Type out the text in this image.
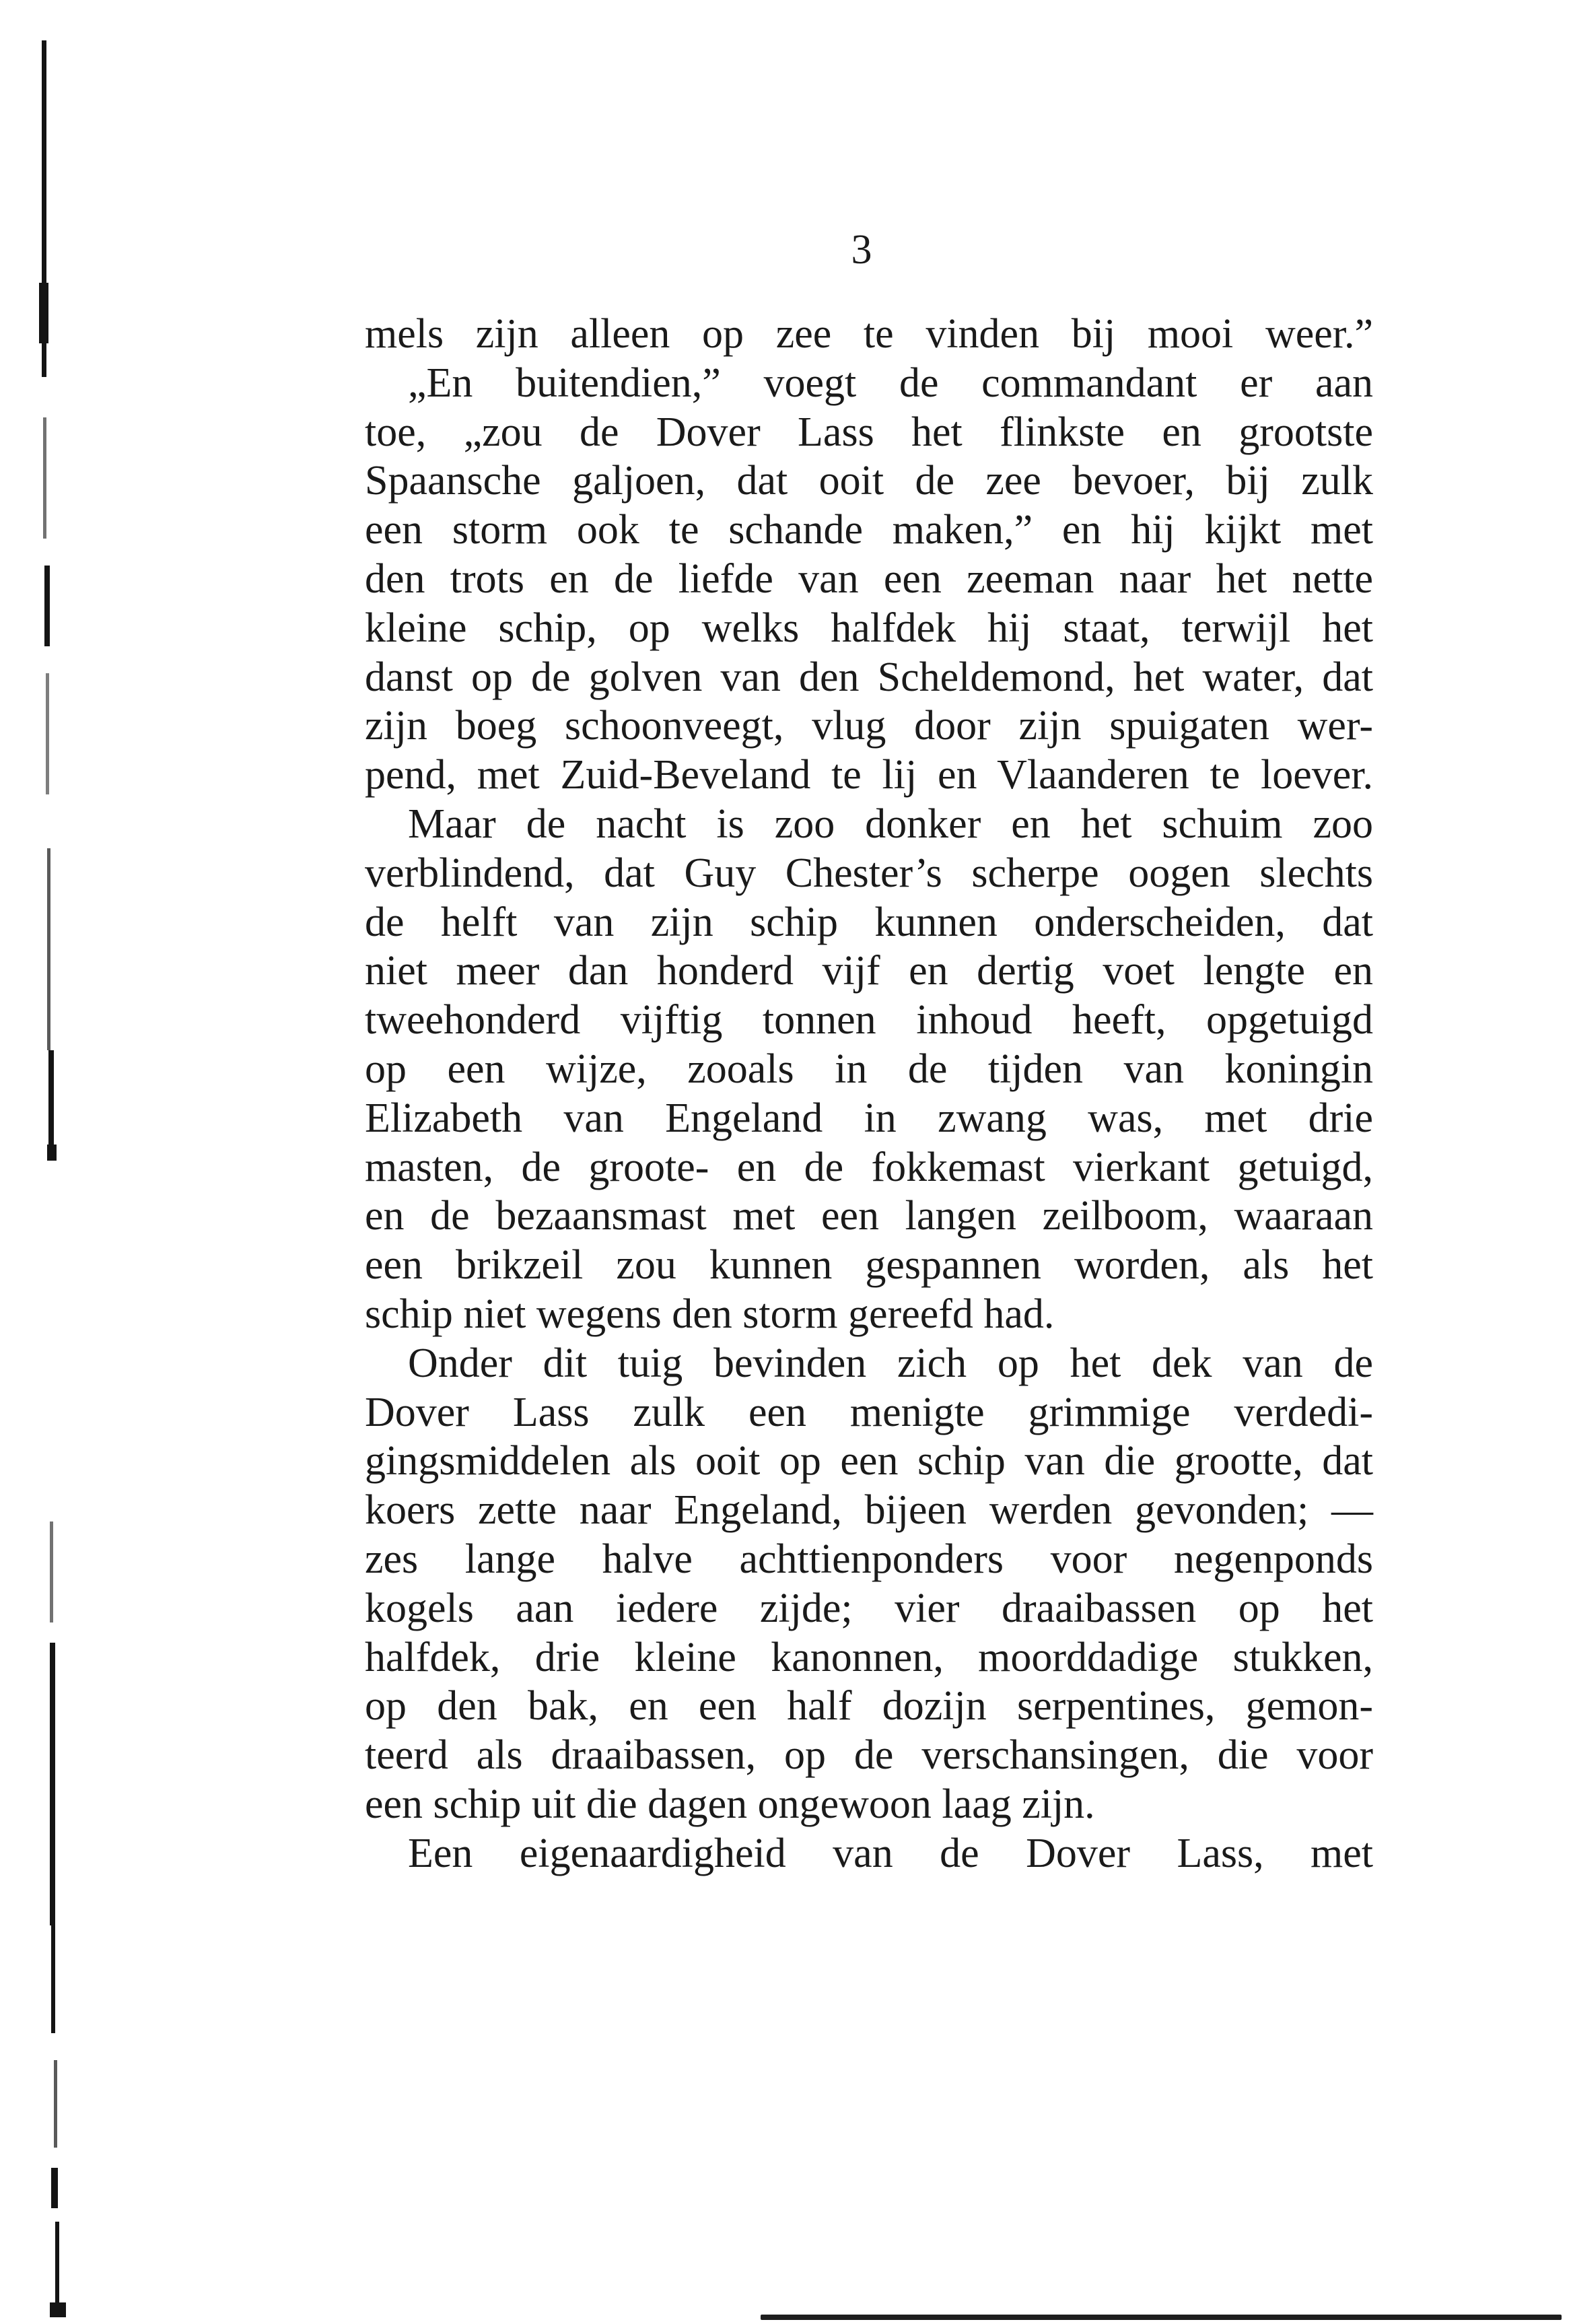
3
mels zijn alleen op zee te vinden bij mooi weer.”
„En buitendien,” voegt de commandant er aan
toe, „zou de Dover Lass het flinkste en grootste
Spaansche galjoen, dat ooit de zee bevoer, bij zulk
een storm ook te schande maken,” en hij kijkt met
den trots en de liefde van een zeeman naar het nette
kleine schip, op welks halfdek hij staat, terwijl het
danst op de golven van den Scheldemond, het water, dat
zijn boeg schoonveegt, vlug door zijn spuigaten wer-
pend, met Zuid-Beveland te lij en Vlaanderen te loever.
Maar de nacht is zoo donker en het schuim zoo
verblindend, dat Guy Chester’s scherpe oogen slechts
de helft van zijn schip kunnen onderscheiden, dat
niet meer dan honderd vijf en dertig voet lengte en
tweehonderd vijftig tonnen inhoud heeft, opgetuigd
op een wijze, zooals in de tijden van koningin
Elizabeth van Engeland in zwang was, met drie
masten, de groote- en de fokkemast vierkant getuigd,
en de bezaansmast met een langen zeilboom, waaraan
een brikzeil zou kunnen gespannen worden, als het
schip niet wegens den storm gereefd had.
Onder dit tuig bevinden zich op het dek van de
Dover Lass zulk een menigte grimmige verdedi-
gingsmiddelen als ooit op een schip van die grootte, dat
koers zette naar Engeland, bijeen werden gevonden; —
zes lange halve achttienponders voor negenponds
kogels aan iedere zijde; vier draaibassen op het
halfdek, drie kleine kanonnen, moorddadige stukken,
op den bak, en een half dozijn serpentines, gemon-
teerd als draaibassen, op de verschansingen, die voor
een schip uit die dagen ongewoon laag zijn.
Een eigenaardigheid van de Dover Lass, met
